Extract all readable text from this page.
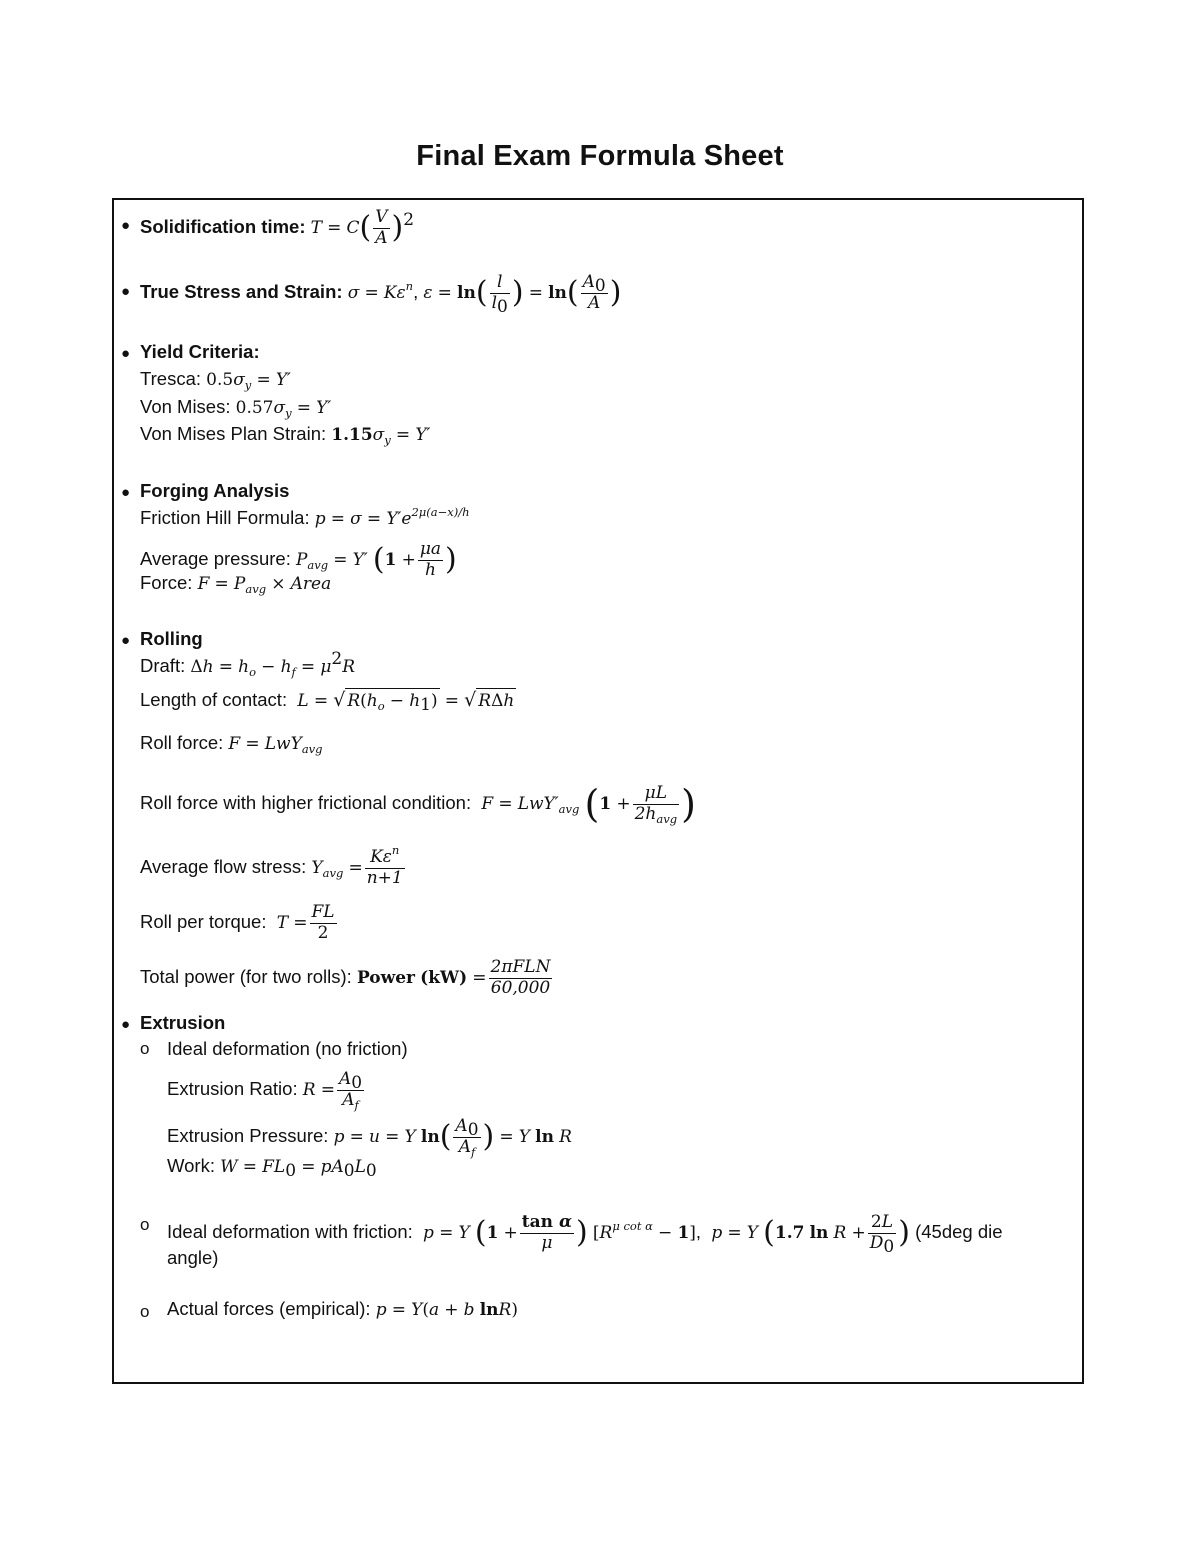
Final Exam Formula Sheet
● Solidification time: $T = C( \frac{V}{A} )^2$
● True Stress and Strain: $\sigma = K\varepsilon^n$, $\varepsilon = \ln( \frac{l}{l_0}$ ) = $\ln( \frac{A_0}{A}$ )
● Yield Criteria:
Tresca: $0.5\sigma_y = Y'$
Von Mises: $0.57\sigma_y = Y'$
Von Mises Plan Strain: $1.15\sigma_y = Y'$
● Forging Analysis
Friction Hill Formula: $p = \sigma = Y'e^{2\mu(a-x)/h}$
Average pressure: $P_{avg} = Y'$ ($1 + \frac{\mu a}{h}$ )
Force: $F = P_{avg}$ × Area
● Rolling
Draft: $\Delta h = h_o - h_f = \mu^2R$
Length of contact: L = √ $R(h_o - h_1)$ = √ RΔh
Roll force: F = LwY$_{avg}$
Roll force with higher frictional condition: $F = LwY'_{avg}$ ($1 + \frac{\mu L}{2h_{avg}}$ )
Average flow stress: $Y_{avg} = \frac{K\varepsilon^n}{n+1}$
Roll per torque: $T = \frac{FL}{2}$
Total power (for two rolls): Power $(kW) = \frac{\text{2πFLN}}{60,000}$
● Extrusion
o Ideal deformation (no friction)
Extrusion Ratio: $R = \frac{A_0}{A_f}$
Extrusion Pressure: p = u = Y $\ln( \frac{A_0}{A_f}$ ) = Y ln R
Work: $W = FL_0 = pA_0L_0$
o Ideal deformation with friction: p = Y ($1 + \frac{\text{tan α}}{\mu}$ ) $[R^{\mu cot \alpha} - 1]$,  p = Y (1.7 $\ln R + \frac{2L}{D_0}$ ) (45deg die
angle)
o Actual forces (empirical): p = Y(a + b lnR)
